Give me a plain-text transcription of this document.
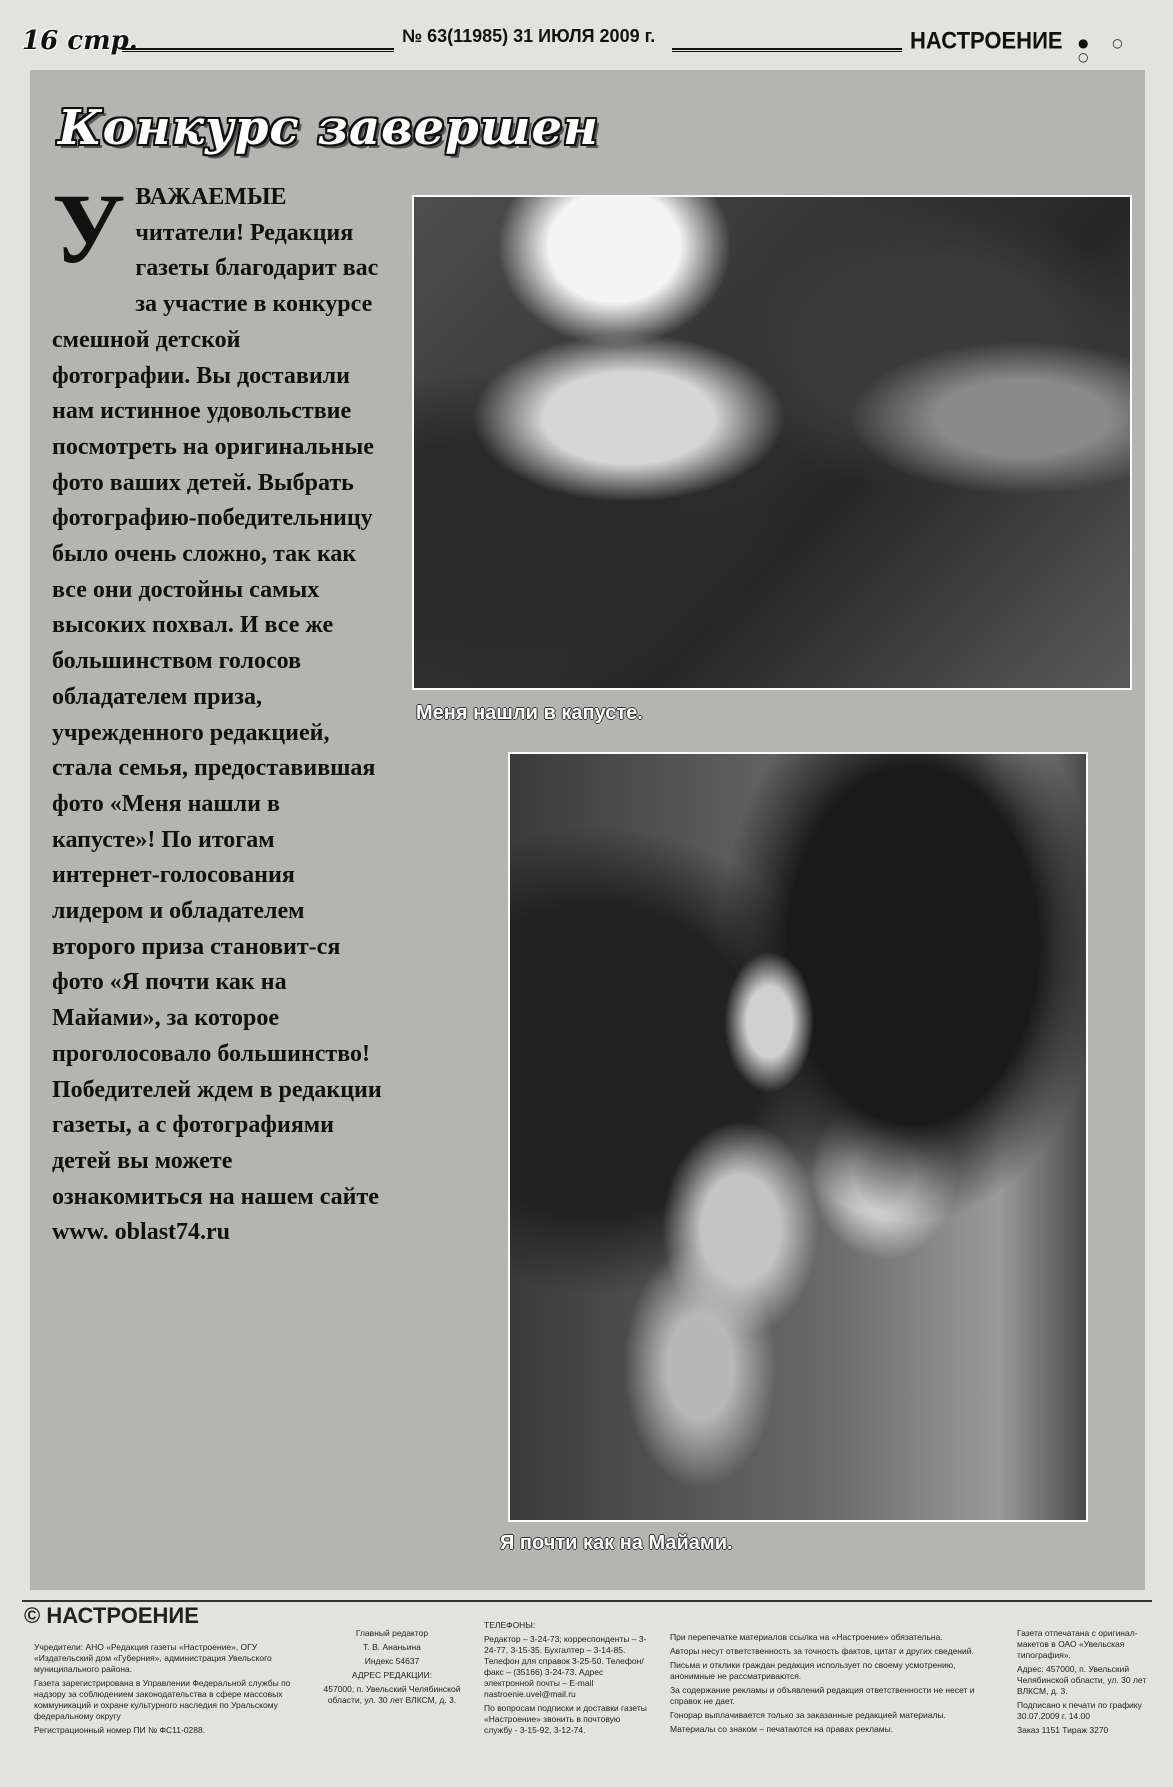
16 стр.	№ 63(11985) 31 ИЮЛЯ 2009 г.	НАСТРОЕНИЕ ● ○ ○
Конкурс завершен
У ВАЖАЕМЫЕ читатели! Редакция газеты благодарит вас за участие в конкурсе смешной детской фотографии. Вы доставили нам истинное удовольствие посмотреть на оригинальные фото ваших детей. Выбрать фотографию-победительницу было очень сложно, так как все они достойны самых высоких похвал. И все же большинством голосов обладателем приза, учрежденного редакцией, стала семья, предоставившая фото «Меня нашли в капусте»! По итогам интернет-голосования лидером и обладателем второго приза становит-ся фото «Я почти как на Майами», за которое проголосовало большинство! Победителей ждем в редакции газеты, а с фотографиями детей вы можете ознакомиться на нашем сайте www. oblast74.ru
Меня нашли в капусте.
Я почти как на Майами.
© НАСТРОЕНИЕ

Учредители: АНО «Редакция газеты «Настроение», ОГУ «Издательский дом «Губерния», администрация Увельского муниципального района.

Газета зарегистрирована в Управлении Федеральной службы по надзору за соблюдением законодательства в сфере массовых коммуникаций и охране культурного наследия по Уральскому федеральному округу

Регистрационный номер ПИ № ФС11-0288.

Главный редактор

Т. В. Ананьина

Индекс 54637

АДРЕС РЕДАКЦИИ:

457000, п. Увельский Челябинской области, ул. 30 лет ВЛКСМ, д. 3.

ТЕЛЕФОНЫ:

Редактор – 3-24-73; корреспонденты – 3-24-77, 3-15-35. Бухгалтер – 3-14-85. Телефон для справок 3-25-50. Телефон/факс – (35166) 3-24-73. Адрес электронной почты – E-mail nastroenie.uvel@mail.ru

По вопросам подписки и доставки газеты «Настроение» звонить в почтовую службу - 3-15-92, 3-12-74.

При перепечатке материалов ссылка на «Настроение» обязательна.

Авторы несут ответственность за точность фактов, цитат и других сведений.

Письма и отклики граждан редакция использует по своему усмотрению, анонимные не рассматриваются.

За содержание рекламы и объявлений редакция ответственности не несет и справок не дает.

Гонорар выплачивается только за заказанные редакцией материалы.

Материалы со знаком – печатаются на правах рекламы.

Газета отпечатана с оригинал-макетов в ОАО «Увельская типография».

Адрес: 457000, п. Увельский Челябинской области, ул. 30 лет ВЛКСМ, д. 3.

Подписано к печати по графику 30.07.2009 г. 14.00

Заказ 1151 Тираж 3270
